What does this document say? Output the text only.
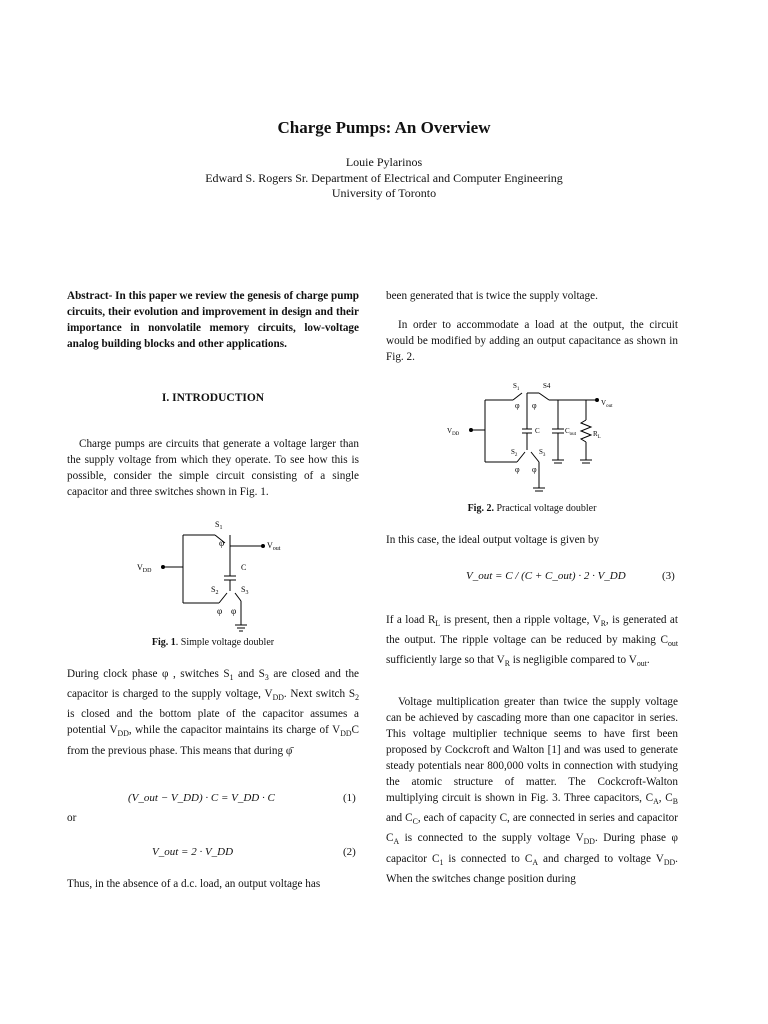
Charge Pumps: An Overview
Louie Pylarinos
Edward S. Rogers Sr. Department of Electrical and Computer Engineering
University of Toronto

Abstract- In this paper we review the genesis of charge pump circuits, their evolution and improvement in design and their importance in nonvolatile memory circuits, low-voltage analog building blocks and other applications.

I. INTRODUCTION

Charge pumps are circuits that generate a voltage larger than the supply voltage from which they operate. To see how this is possible, consider the simple circuit consisting of a single capacitor and three switches shown in Fig. 1.

$S_1$
φ	$V_{out}$
$V_{DD}$	C
$S_2$	$S_3$
φ φ
Fig. 1. Simple voltage doubler

During clock phase φ , switches $S_1$ and $S_3$ are closed and the capacitor is charged to the supply voltage, $V_{DD}$. Next switch $S_2$ is closed and the bottom plate of the capacitor assumes a potential $V_{DD}$, while the capacitor maintains its charge of $V_{DD}C$ from the previous phase. This means that during φ̄

(V_out − V_DD) · C = V_DD · C	(1)
or
V_out = 2 · V_DD	(2)

Thus, in the absence of a d.c. load, an output voltage has

been generated that is twice the supply voltage.

In order to accommodate a load at the output, the circuit would be modified by adding an output capacitance as shown in Fig. 2.

$S_1$	S4
φ φ	$V_{out}$
$V_{DD}$	C	$C_{out}$ $R_L$
$S_2$	$S_3$
φ φ
Fig. 2. Practical voltage doubler

In this case, the ideal output voltage is given by

V_out = C / (C + C_out) · 2 · V_DD	(3)

If a load $R_L$ is present, then a ripple voltage, $V_R$, is generated at the output. The ripple voltage can be reduced by making $C_{out}$ sufficiently large so that $V_R$ is negligible compared to $V_{out}$.

Voltage multiplication greater than twice the supply voltage can be achieved by cascading more than one capacitor in series. This voltage multiplier technique seems to have first been proposed by Cockcroft and Walton [1] and was used to generate steady potentials near 800,000 volts in connection with studying the atomic structure of matter. The Cockcroft-Walton multiplying circuit is shown in Fig. 3. Three capacitors, $C_A$, $C_B$ and $C_C$, each of capacity C, are connected in series and capacitor $C_A$ is connected to the supply voltage $V_{DD}$. During phase φ capacitor $C_1$ is connected to $C_A$ and charged to voltage $V_{DD}$. When the switches change position during
